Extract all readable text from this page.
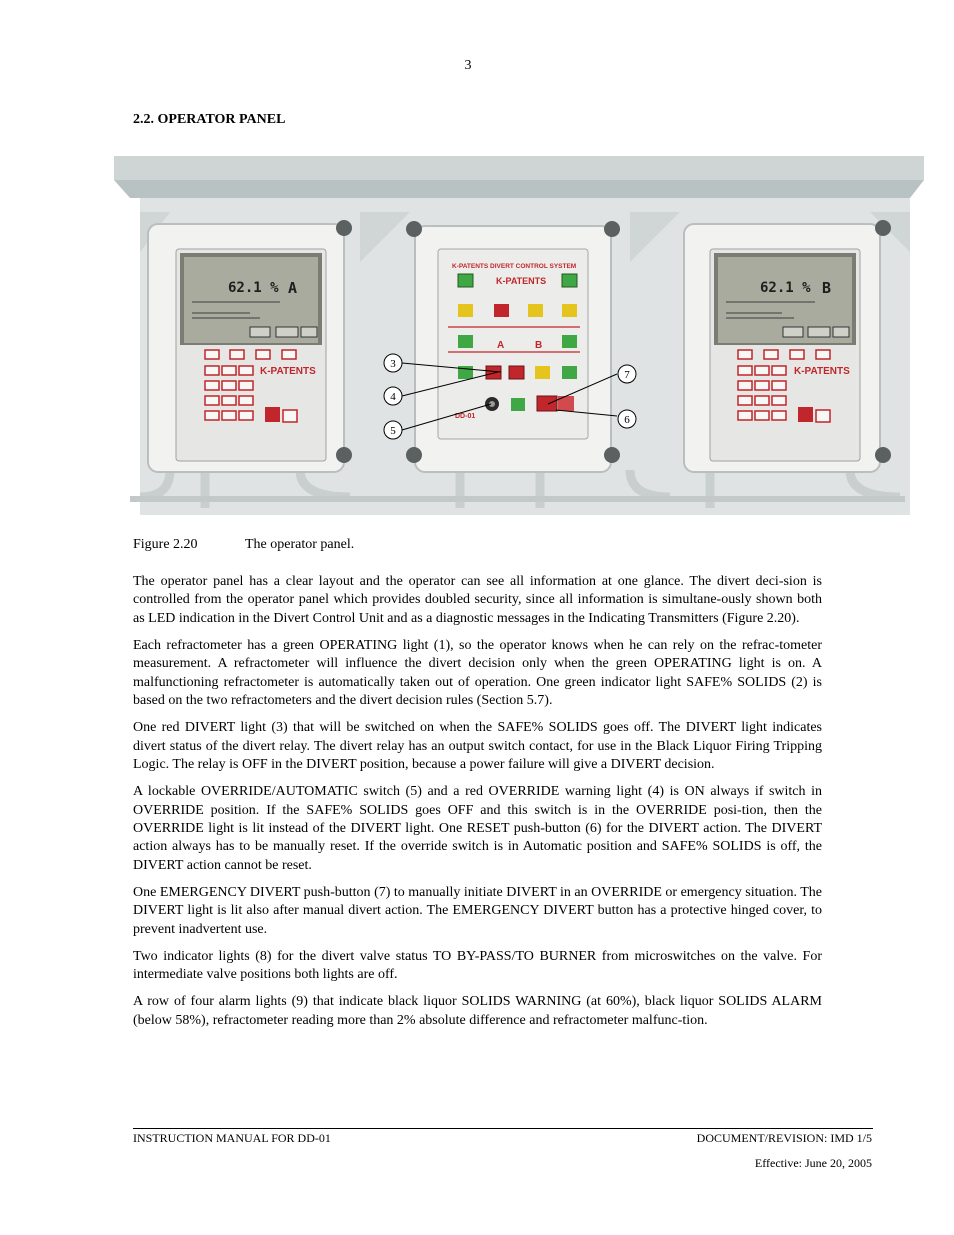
3
2.2. OPERATOR PANEL
62.1 % A
K-PATENTS
K-PATENTS DIVERT CONTROL SYSTEM
K-PATENTS
A	B
DD-01
62.1 % B
K-PATENTS
3
4
5
7
6
Figure 2.20	The operator panel.

The operator panel has a clear layout and the operator can see all information at one glance. The divert deci-sion is controlled from the operator panel which provides doubled security, since all information is simultane-ously shown both as LED indication in the Divert Control Unit and as a diagnostic messages in the Indicating Transmitters (Figure 2.20).

Each refractometer has a green OPERATING light (1), so the operator knows when he can rely on the refrac-tometer measurement. A refractometer will influence the divert decision only when the green OPERATING light is on. A malfunctioning refractometer is automatically taken out of operation. One green indicator light SAFE% SOLIDS (2) is based on the two refractometers and the divert decision rules (Section 5.7).

One red DIVERT light (3) that will be switched on when the SAFE% SOLIDS goes off. The DIVERT light indicates divert status of the divert relay. The divert relay has an output switch contact, for use in the Black Liquor Firing Tripping Logic. The relay is OFF in the DIVERT position, because a power failure will give a DIVERT decision.

A lockable OVERRIDE/AUTOMATIC switch (5) and a red OVERRIDE warning light (4) is ON always if switch in OVERRIDE position. If the SAFE% SOLIDS goes OFF and this switch is in the OVERRIDE posi-tion, then the OVERRIDE light is lit instead of the DIVERT light. One RESET push-button (6) for the DIVERT action. The DIVERT action always has to be manually reset. If the override switch is in Automatic position and SAFE% SOLIDS is off, the DIVERT action cannot be reset.

One EMERGENCY DIVERT push-button (7) to manually initiate DIVERT in an OVERRIDE or emergency situation. The DIVERT light is lit also after manual divert action. The EMERGENCY DIVERT button has a protective hinged cover, to prevent inadvertent use.

Two indicator lights (8) for the divert valve status TO BY-PASS/TO BURNER from microswitches on the valve. For intermediate valve positions both lights are off.

A row of four alarm lights (9) that indicate black liquor SOLIDS WARNING (at 60%), black liquor SOLIDS ALARM (below 58%), refractometer reading more than 2% absolute difference and refractometer malfunc-tion.

INSTRUCTION MANUAL FOR DD-01	DOCUMENT/REVISION: IMD 1/5
Effective: June 20, 2005
